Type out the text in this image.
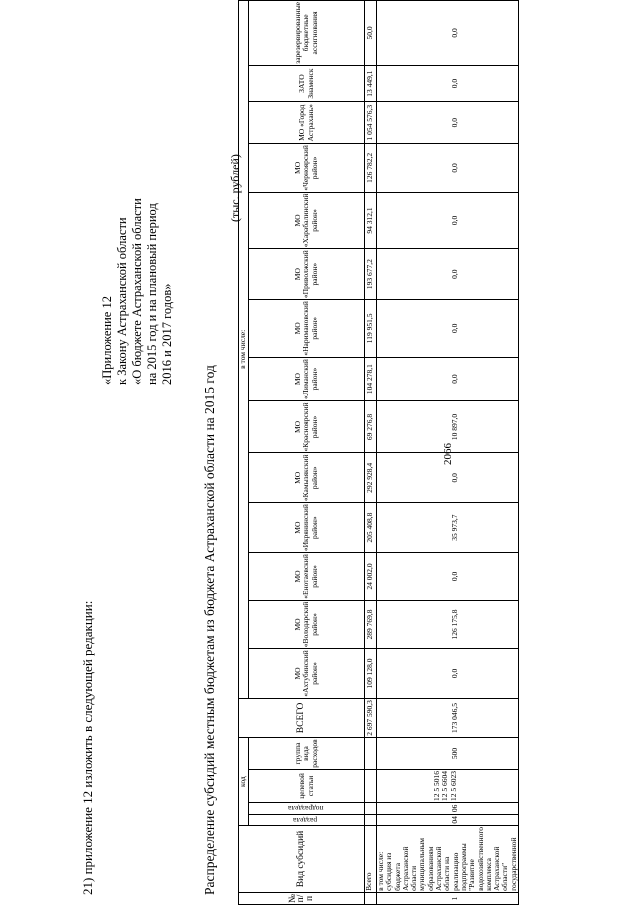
2066
21) приложение 12 изложить в следующей редакции:
«Приложение 12 к Закону Астраханской области «О бюджете Астраханской области на 2015 год и на плановый период 2016 и 2017 годов»
Распределение субсидий местным бюджетам из бюджета Астраханской области на 2015 год
(тыс. рублей)
№ п/п	Вид субсидий	код				ВСЕГО	в том числе:													
		раздела	подраздела	целевой статьи	группа вида расходов		МО «Ахтубинский район»	МО «Володарский район»	МО «Енотаевский район»	МО «Икрянинский район»	МО «Камызякский район»	МО «Красноярский район»	МО «Лиманский район»	МО «Наримановский район»	МО «Приволжский район»	МО «Харабалинский район»	МО «Черноярский район»	МО «Город Астрахань»	ЗАТО Знаменск	зарезервированные бюджетные ассигнования

	Всего					2 697 590,3	109 128,0	289 769,8	24 002,0	205 408,8	292 928,4	69 276,8	104 278,1	119 951,5	193 677,2	94 312,1	126 782,2	1 054 576,3	13 449,1	50,0
1	в том числе: субсидия из бюджета Астраханской области муниципальным образованиям Астраханской области на реализацию подпрограммы "Развитие водохозяйственного комплекса Астраханской области" государственной	04	06	12 5 5016 12 5 6604 12 5 6023	500	173 046,5	0,0	126 175,8	0,0	35 973,7	0,0	10 897,0	0,0	0,0	0,0	0,0	0,0	0,0	0,0	0,0
